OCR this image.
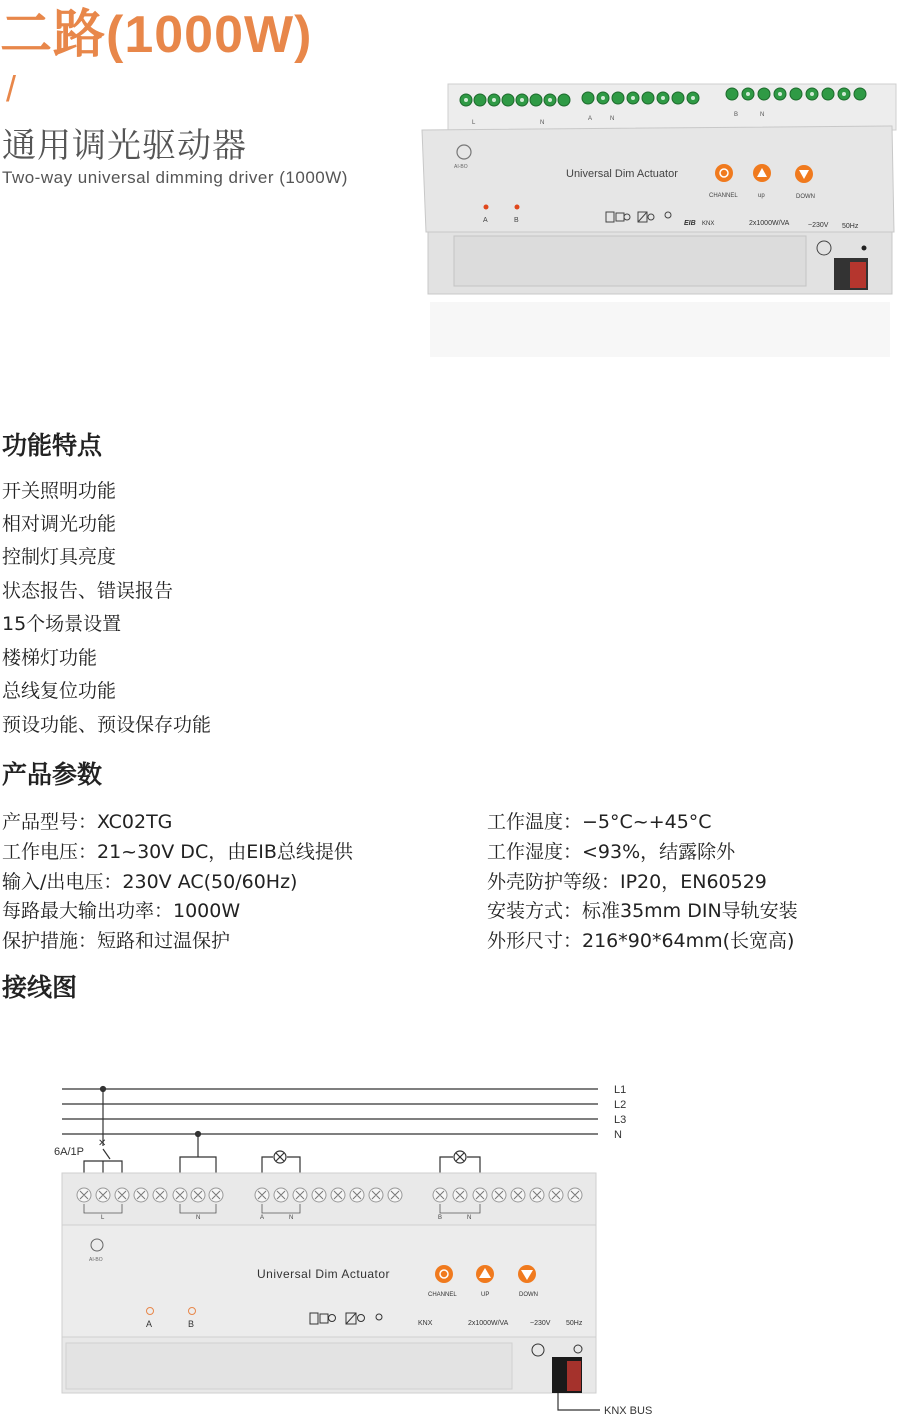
二路(1000W)
/
通用调光驱动器
Two-way universal dimming driver (1000W)
L	N
A	N
B	N
AI-BO
Universal Dim Actuator
CHANNEL	up	DOWN
A	B	EIB KNX	2x1000W/VA	~230V 50Hz
功能特点
开关照明功能
相对调光功能
控制灯具亮度
状态报告、错误报告
15个场景设置
楼梯灯功能
总线复位功能
预设功能、预设保存功能
产品参数
产品型号：XC02TG
工作电压：21~30V DC，由EIB总线提供
输入/出电压：230V AC(50/60Hz)
每路最大输出功率：1000W
保护措施：短路和过温保护
工作温度：−5°C~+45°C
工作湿度：<93%，结露除外
外壳防护等级：IP20，EN60529
安装方式：标准35mm DIN导轨安装
外形尺寸：216*90*64mm(长宽高)
接线图
L1
L2
L3
N
✕
6A/1P
L	N	A	N	B	N
AI-BO
Universal Dim Actuator
CHANNEL	UP	DOWN
A	B	KNX	2x1000W/VA	~230V 50Hz
KNX BUS
